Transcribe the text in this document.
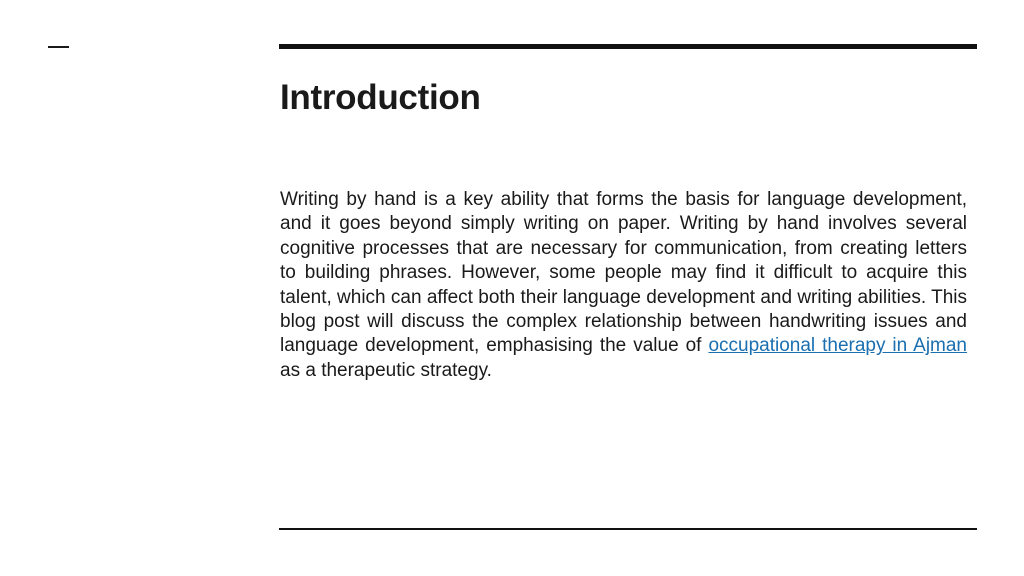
Introduction

Writing by hand is a key ability that forms the basis for language development, and it goes beyond simply writing on paper. Writing by hand involves several cognitive processes that are necessary for communication, from creating letters to building phrases. However, some people may find it difficult to acquire this talent, which can affect both their language development and writing abilities. This blog post will discuss the complex relationship between handwriting issues and language development, emphasising the value of occupational therapy in Ajman as a therapeutic strategy.
